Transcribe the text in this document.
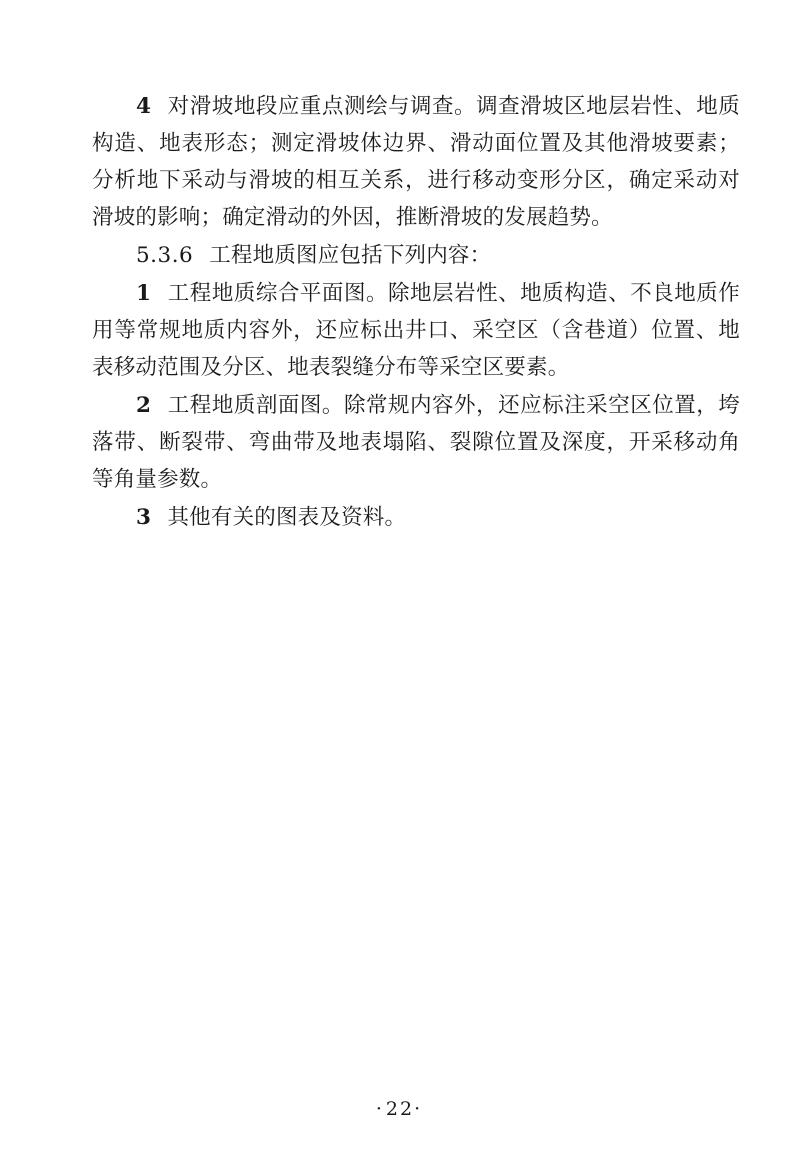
4 对滑坡地段应重点测绘与调查。调查滑坡区地层岩性、地质构造、地表形态；测定滑坡体边界、滑动面位置及其他滑坡要素；分析地下采动与滑坡的相互关系，进行移动变形分区，确定采动对滑坡的影响；确定滑动的外因，推断滑坡的发展趋势。

5.3.6 工程地质图应包括下列内容：

1 工程地质综合平面图。除地层岩性、地质构造、不良地质作用等常规地质内容外，还应标出井口、采空区（含巷道）位置、地表移动范围及分区、地表裂缝分布等采空区要素。

2 工程地质剖面图。除常规内容外，还应标注采空区位置，垮落带、断裂带、弯曲带及地表塌陷、裂隙位置及深度，开采移动角等角量参数。

3 其他有关的图表及资料。

·22·
